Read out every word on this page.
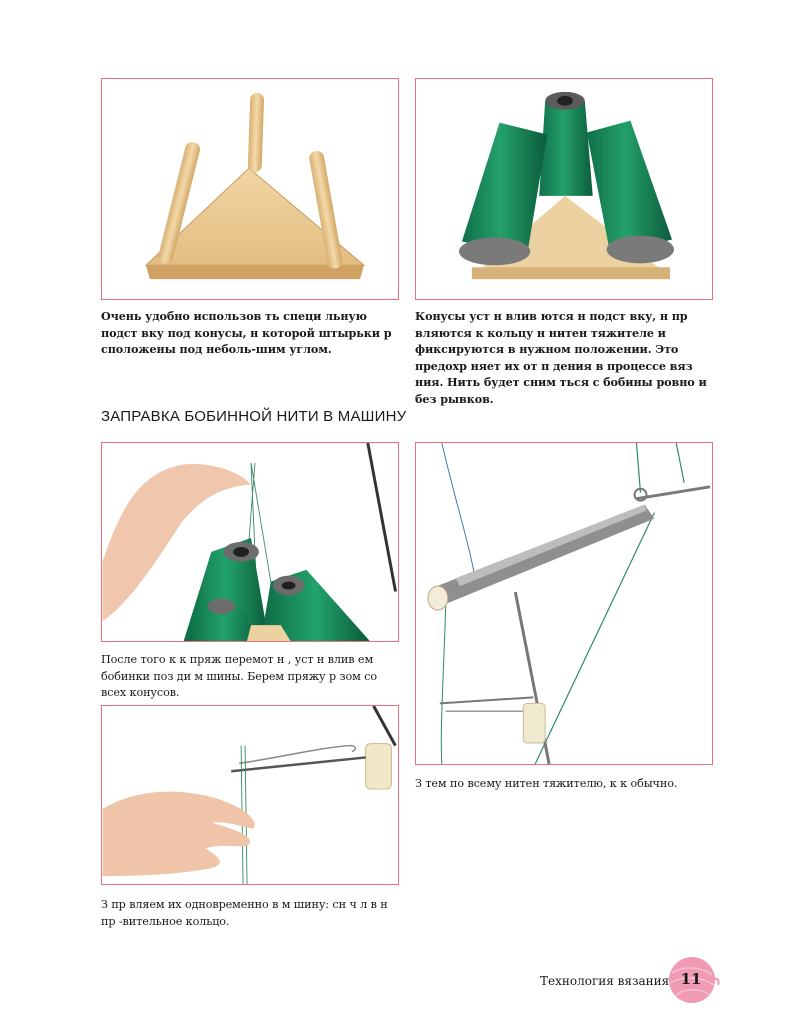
Очень удобно использов ть специ льную подст вку под конусы, н которой штырьки р сположены под неболь-шим углом.

Конусы уст н влив ются н подст вку, н пр вляются к кольцу н нитен тяжителе и фиксируются в нужном положении. Это предохр няет их от п дения в процессе вяз ния. Нить будет сним ться с бобины ровно и без рывков.

ЗАПРАВКА БОБИННОЙ НИТИ В МАШИНУ

После того к к пряж перемот н , уст н влив ем бобинки поз ди м шины. Берем пряжу р зом со всех конусов.

З тем по всему нитен тяжителю, к к обычно.

З пр вляем их одновременно в м шину: сн ч л в н пр -вительное кольцо.

Технология вязания 11
